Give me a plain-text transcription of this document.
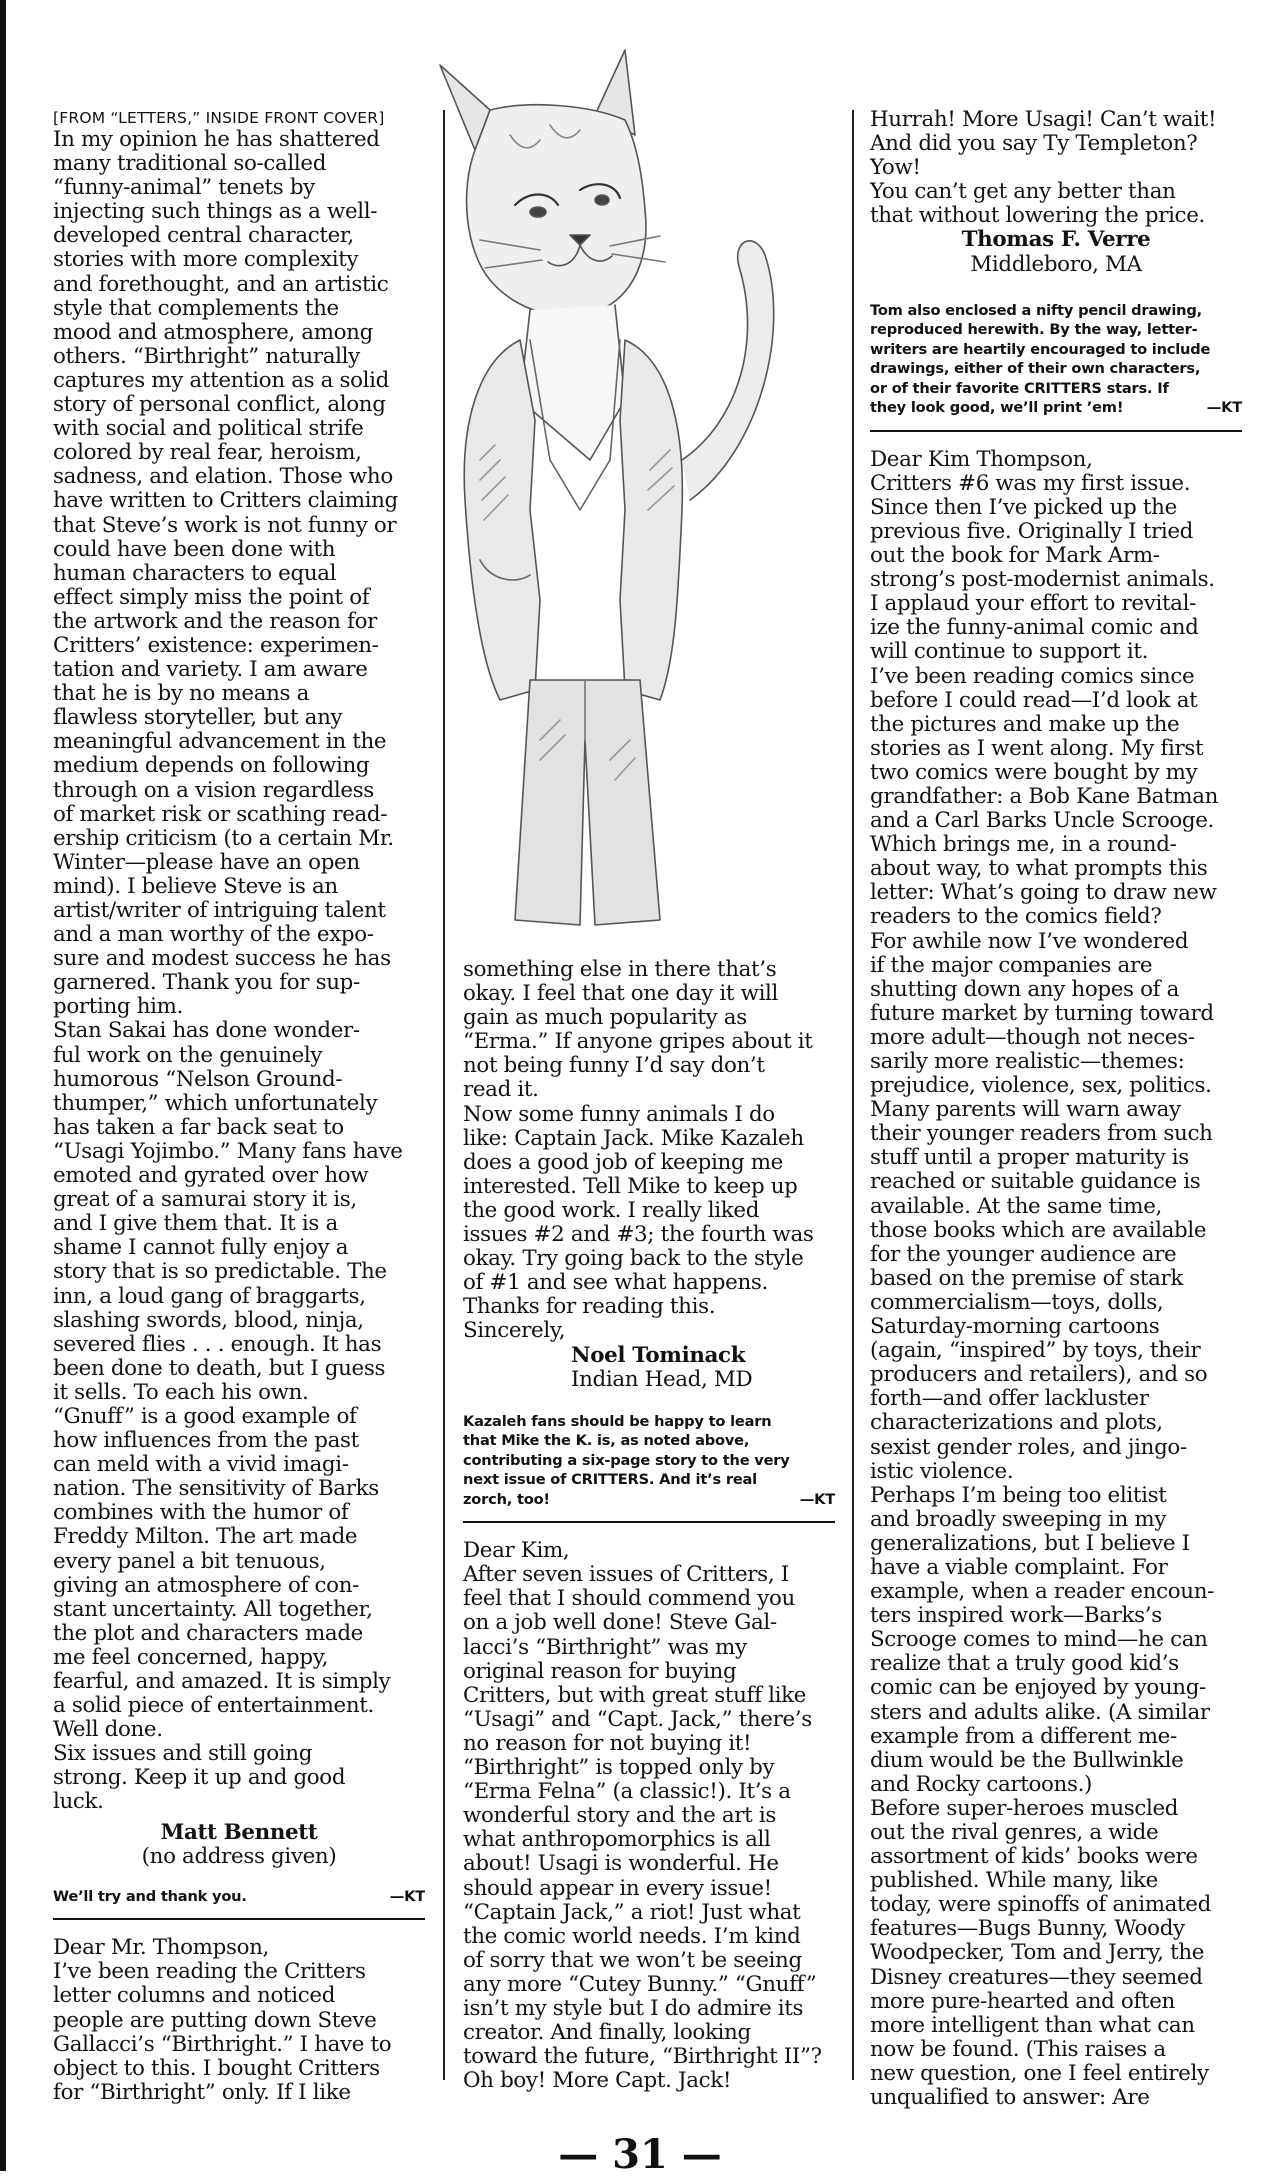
[FROM “LETTERS,” INSIDE FRONT COVER]
In my opinion he has shattered
many traditional so-called
“funny-animal” tenets by
injecting such things as a well-
developed central character,
stories with more complexity
and forethought, and an artistic
style that complements the
mood and atmosphere, among
others. “Birthright” naturally
captures my attention as a solid
story of personal conflict, along
with social and political strife
colored by real fear, heroism,
sadness, and elation. Those who
have written to Critters claiming
that Steve’s work is not funny or
could have been done with
human characters to equal
effect simply miss the point of
the artwork and the reason for
Critters’ existence: experimen-
tation and variety. I am aware
that he is by no means a
flawless storyteller, but any
meaningful advancement in the
medium depends on following
through on a vision regardless
of market risk or scathing read-
ership criticism (to a certain Mr.
Winter—please have an open
mind). I believe Steve is an
artist/writer of intriguing talent
and a man worthy of the expo-
sure and modest success he has
garnered. Thank you for sup-
porting him.
Stan Sakai has done wonder-
ful work on the genuinely
humorous “Nelson Ground-
thumper,” which unfortunately
has taken a far back seat to
“Usagi Yojimbo.” Many fans have
emoted and gyrated over how
great of a samurai story it is,
and I give them that. It is a
shame I cannot fully enjoy a
story that is so predictable. The
inn, a loud gang of braggarts,
slashing swords, blood, ninja,
severed flies . . . enough. It has
been done to death, but I guess
it sells. To each his own.
“Gnuff” is a good example of
how influences from the past
can meld with a vivid imagi-
nation. The sensitivity of Barks
combines with the humor of
Freddy Milton. The art made
every panel a bit tenuous,
giving an atmosphere of con-
stant uncertainty. All together,
the plot and characters made
me feel concerned, happy,
fearful, and amazed. It is simply
a solid piece of entertainment.
Well done.
Six issues and still going
strong. Keep it up and good
luck.
Matt Bennett
(no address given)
We’ll try and thank you.	—KT
Dear Mr. Thompson,
I’ve been reading the Critters
letter columns and noticed
people are putting down Steve
Gallacci’s “Birthright.” I have to
object to this. I bought Critters
for “Birthright” only. If I like
something else in there that’s
okay. I feel that one day it will
gain as much popularity as
“Erma.” If anyone gripes about it
not being funny I’d say don’t
read it.
Now some funny animals I do
like: Captain Jack. Mike Kazaleh
does a good job of keeping me
interested. Tell Mike to keep up
the good work. I really liked
issues #2 and #3; the fourth was
okay. Try going back to the style
of #1 and see what happens.
Thanks for reading this.
Sincerely,
Noel Tominack
Indian Head, MD
Kazaleh fans should be happy to learn
that Mike the K. is, as noted above,
contributing a six-page story to the very
next issue of CRITTERS. And it’s real
zorch, too!	—KT
Dear Kim,
After seven issues of Critters, I
feel that I should commend you
on a job well done! Steve Gal-
lacci’s “Birthright” was my
original reason for buying
Critters, but with great stuff like
“Usagi” and “Capt. Jack,” there’s
no reason for not buying it!
“Birthright” is topped only by
“Erma Felna” (a classic!). It’s a
wonderful story and the art is
what anthropomorphics is all
about! Usagi is wonderful. He
should appear in every issue!
“Captain Jack,” a riot! Just what
the comic world needs. I’m kind
of sorry that we won’t be seeing
any more “Cutey Bunny.” “Gnuff”
isn’t my style but I do admire its
creator. And finally, looking
toward the future, “Birthright II”?
Oh boy! More Capt. Jack!
Hurrah! More Usagi! Can’t wait!
And did you say Ty Templeton?
Yow!
You can’t get any better than
that without lowering the price.
Thomas F. Verre
Middleboro, MA
Tom also enclosed a nifty pencil drawing,
reproduced herewith. By the way, letter-
writers are heartily encouraged to include
drawings, either of their own characters,
or of their favorite CRITTERS stars. If
they look good, we’ll print ’em!	—KT
Dear Kim Thompson,
Critters #6 was my first issue.
Since then I’ve picked up the
previous five. Originally I tried
out the book for Mark Arm-
strong’s post-modernist animals.
I applaud your effort to revital-
ize the funny-animal comic and
will continue to support it.
I’ve been reading comics since
before I could read—I’d look at
the pictures and make up the
stories as I went along. My first
two comics were bought by my
grandfather: a Bob Kane Batman
and a Carl Barks Uncle Scrooge.
Which brings me, in a round-
about way, to what prompts this
letter: What’s going to draw new
readers to the comics field?
For awhile now I’ve wondered
if the major companies are
shutting down any hopes of a
future market by turning toward
more adult—though not neces-
sarily more realistic—themes:
prejudice, violence, sex, politics.
Many parents will warn away
their younger readers from such
stuff until a proper maturity is
reached or suitable guidance is
available. At the same time,
those books which are available
for the younger audience are
based on the premise of stark
commercialism—toys, dolls,
Saturday-morning cartoons
(again, “inspired” by toys, their
producers and retailers), and so
forth—and offer lackluster
characterizations and plots,
sexist gender roles, and jingo-
istic violence.
Perhaps I’m being too elitist
and broadly sweeping in my
generalizations, but I believe I
have a viable complaint. For
example, when a reader encoun-
ters inspired work—Barks’s
Scrooge comes to mind—he can
realize that a truly good kid’s
comic can be enjoyed by young-
sters and adults alike. (A similar
example from a different me-
dium would be the Bullwinkle
and Rocky cartoons.)
Before super-heroes muscled
out the rival genres, a wide
assortment of kids’ books were
published. While many, like
today, were spinoffs of animated
features—Bugs Bunny, Woody
Woodpecker, Tom and Jerry, the
Disney creatures—they seemed
more pure-hearted and often
more intelligent than what can
now be found. (This raises a
new question, one I feel entirely
unqualified to answer: Are
— 31 —
